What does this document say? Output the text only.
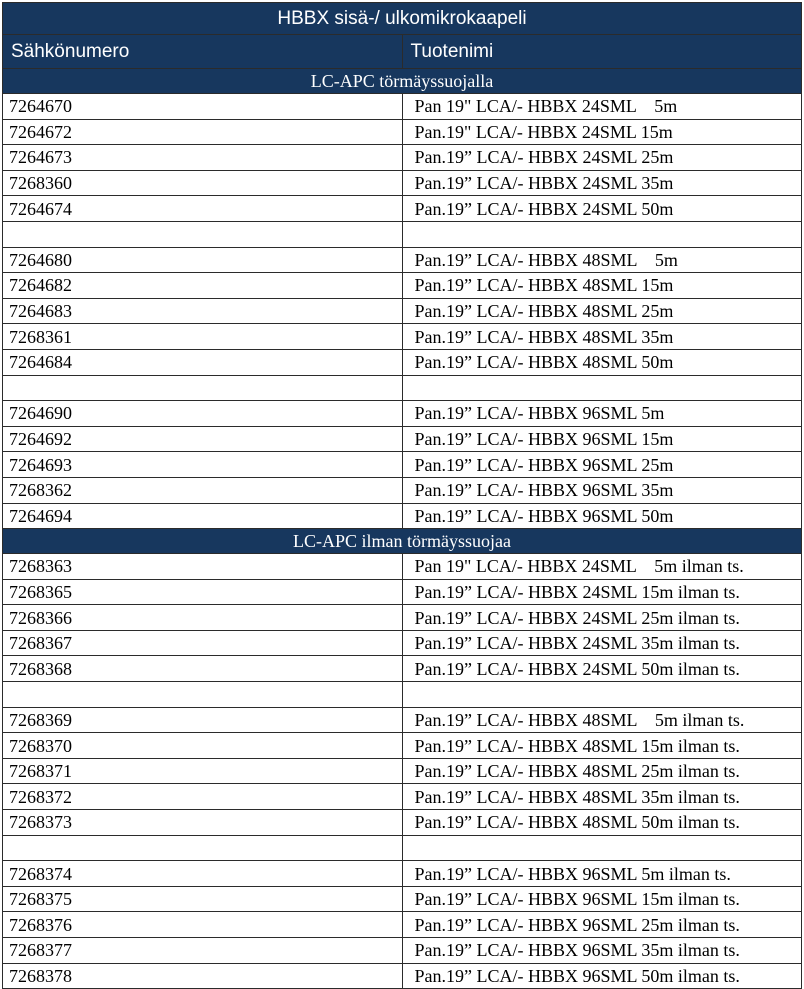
HBBX sisä-/ ulkomikrokaapeli	
Sähkönumero	Tuotenimi
LC-APC törmäyssuojalla	
7264670	Pan 19" LCA/- HBBX 24SML    5m
7264672	Pan.19" LCA/- HBBX 24SML 15m
7264673	Pan.19” LCA/- HBBX 24SML 25m
7268360	Pan.19” LCA/- HBBX 24SML 35m
7264674	Pan.19” LCA/- HBBX 24SML 50m

7264680	Pan.19” LCA/- HBBX 48SML    5m
7264682	Pan.19” LCA/- HBBX 48SML 15m
7264683	Pan.19” LCA/- HBBX 48SML 25m
7268361	Pan.19” LCA/- HBBX 48SML 35m
7264684	Pan.19” LCA/- HBBX 48SML 50m

7264690	Pan.19” LCA/- HBBX 96SML 5m
7264692	Pan.19” LCA/- HBBX 96SML 15m
7264693	Pan.19” LCA/- HBBX 96SML 25m
7268362	Pan.19” LCA/- HBBX 96SML 35m
7264694	Pan.19” LCA/- HBBX 96SML 50m
LC-APC ilman törmäyssuojaa	
7268363	Pan 19" LCA/- HBBX 24SML    5m ilman ts.
7268365	Pan.19” LCA/- HBBX 24SML 15m ilman ts.
7268366	Pan.19” LCA/- HBBX 24SML 25m ilman ts.
7268367	Pan.19” LCA/- HBBX 24SML 35m ilman ts.
7268368	Pan.19” LCA/- HBBX 24SML 50m ilman ts.

7268369	Pan.19” LCA/- HBBX 48SML    5m ilman ts.
7268370	Pan.19” LCA/- HBBX 48SML 15m ilman ts.
7268371	Pan.19” LCA/- HBBX 48SML 25m ilman ts.
7268372	Pan.19” LCA/- HBBX 48SML 35m ilman ts.
7268373	Pan.19” LCA/- HBBX 48SML 50m ilman ts.

7268374	Pan.19” LCA/- HBBX 96SML 5m ilman ts.
7268375	Pan.19” LCA/- HBBX 96SML 15m ilman ts.
7268376	Pan.19” LCA/- HBBX 96SML 25m ilman ts.
7268377	Pan.19” LCA/- HBBX 96SML 35m ilman ts.
7268378	Pan.19” LCA/- HBBX 96SML 50m ilman ts.
